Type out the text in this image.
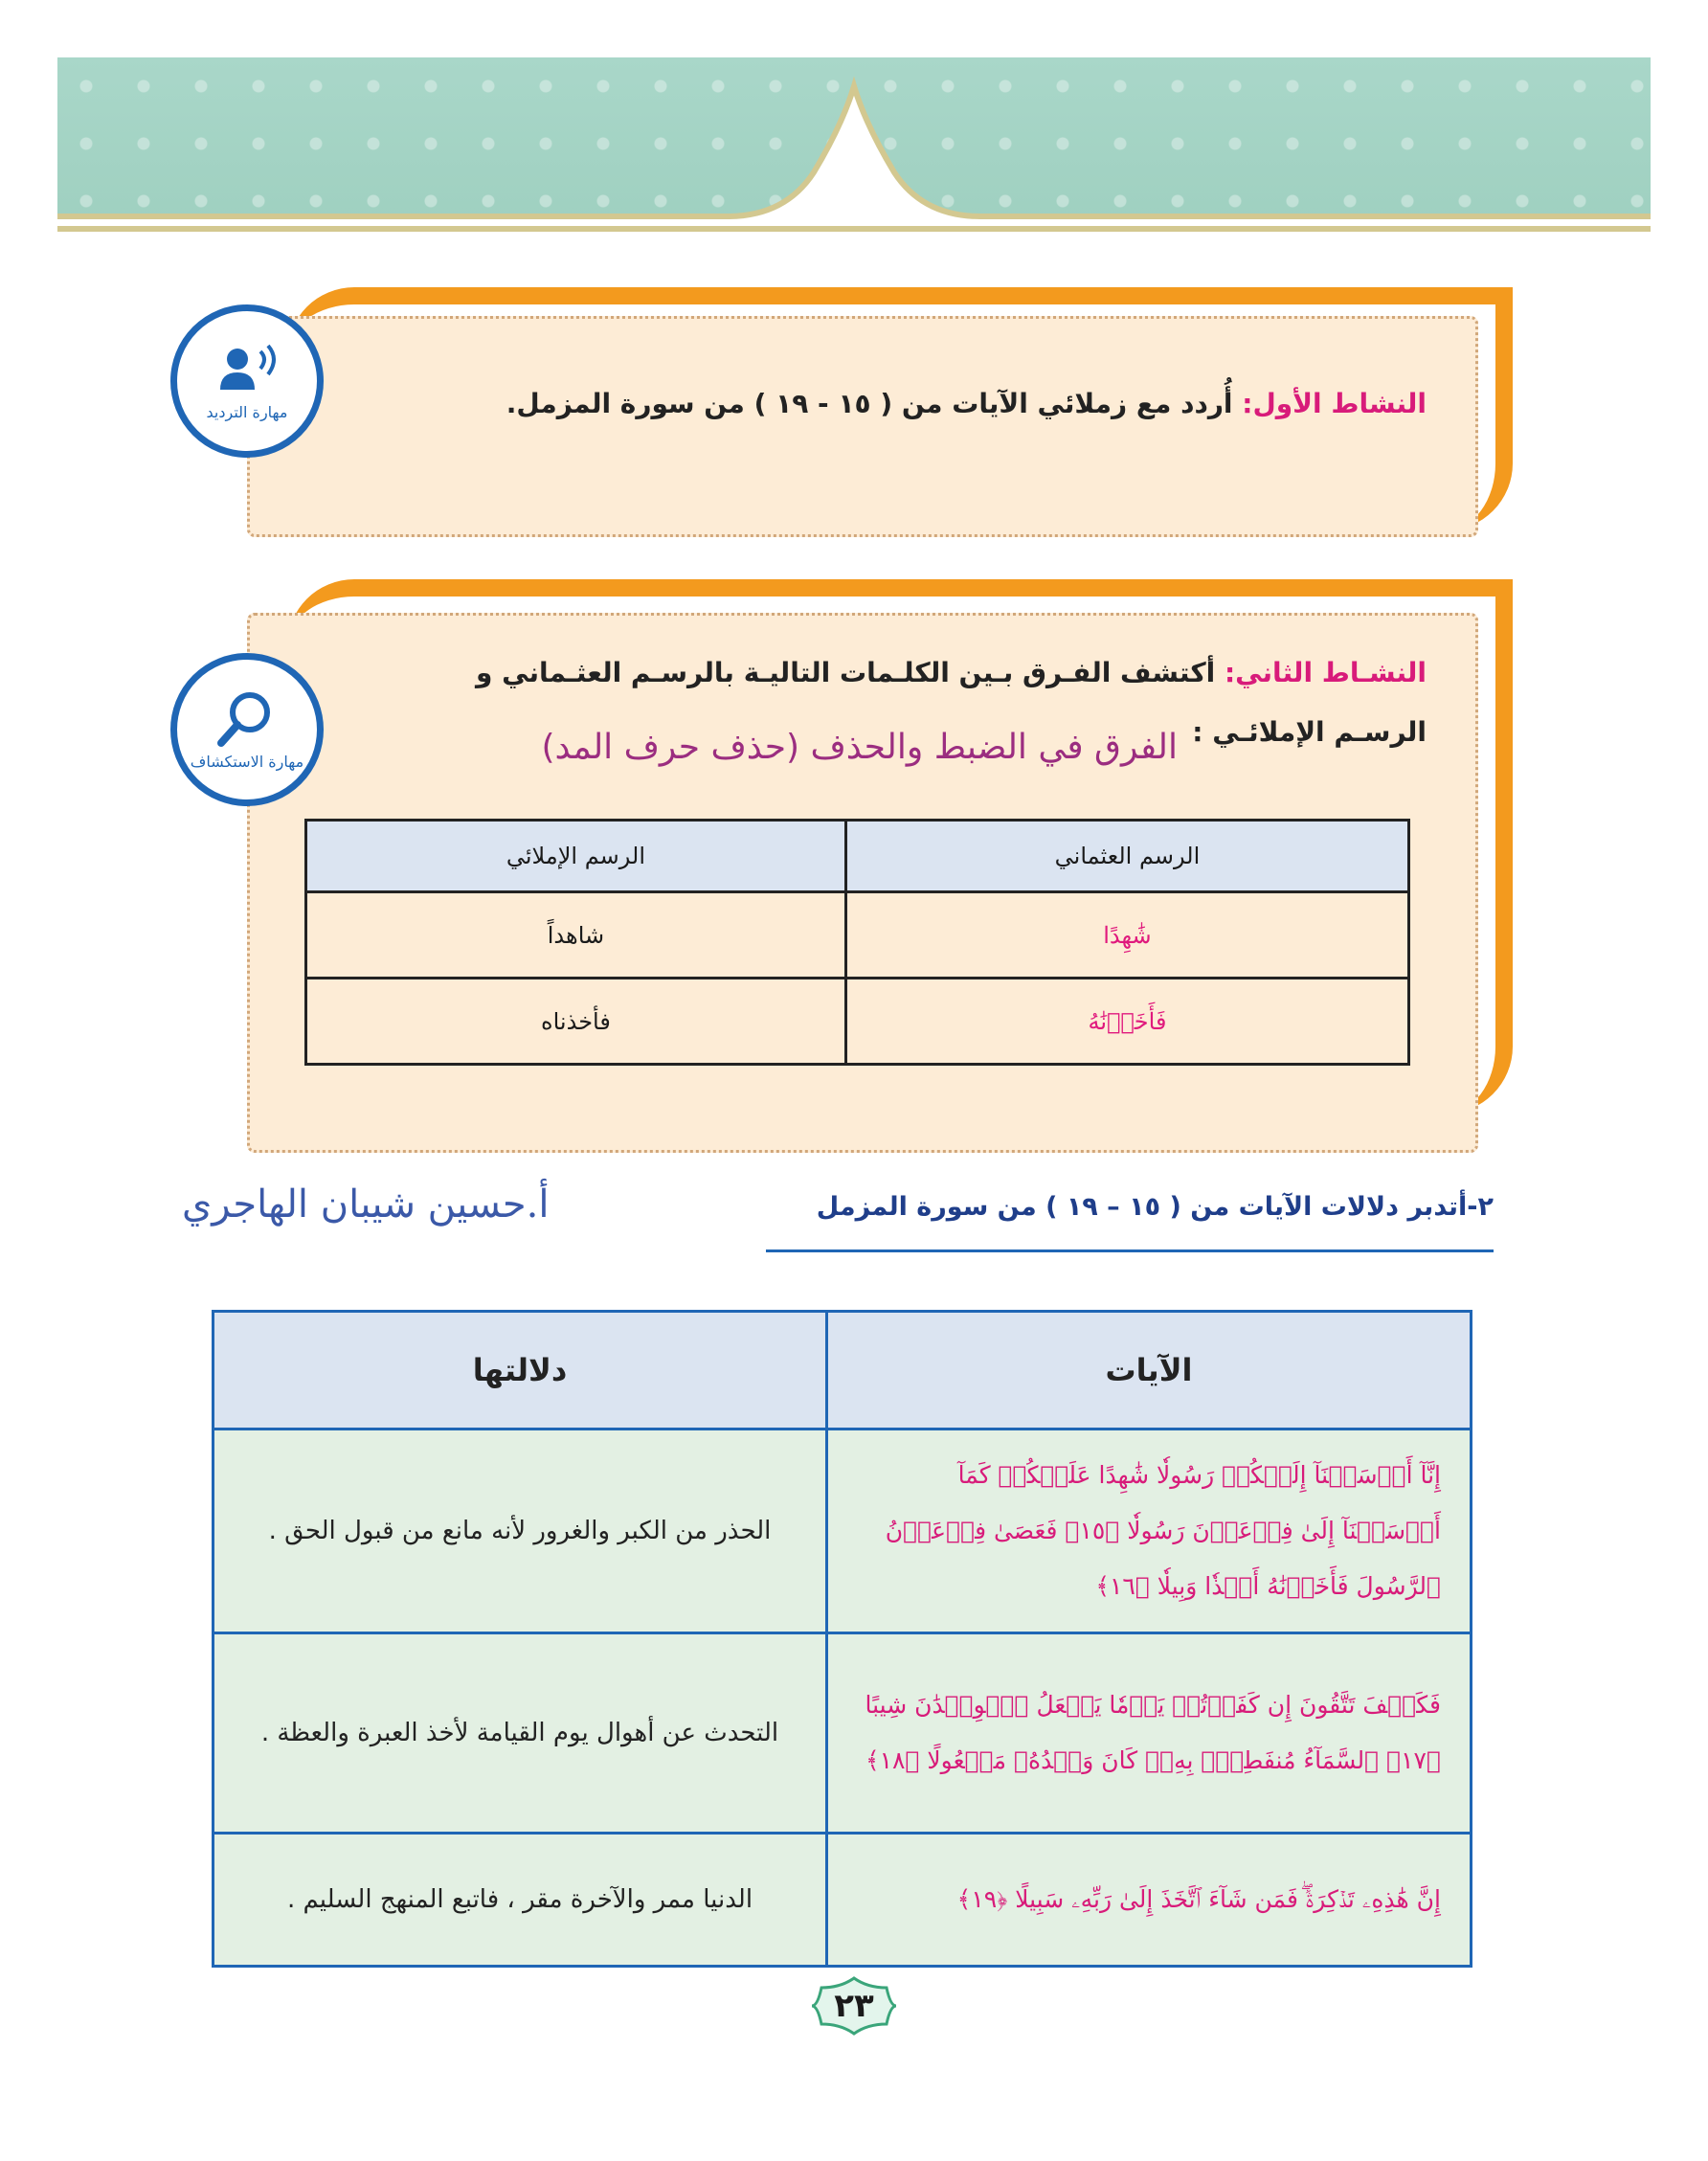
مهارة الترديد	النشاط الأول: أُردد مع زملائي الآيات من ( ١٥ - ١٩ ) من سورة المزمل.
مهارة الاستكشاف
النشـاط الثاني: أكتشف الفـرق بـين الكلـمات التاليـة بالرسـم العثـماني و الرسـم الإملائـي :
الفرق في الضبط والحذف (حذف حرف المد)
الرسم العثماني	الرسم الإملائي
شَٰهِدًا	شاهداً
فَأَخَذۡنَٰهُ	فأخذناه
٢-أتدبر دلالات الآيات من ( ١٥ – ١٩ ) من سورة المزمل
أ.حسين شيبان الهاجري
الآيات	دلالتها
إِنَّآ أَرۡسَلۡنَآ إِلَيۡكُمۡ رَسُولٗا شَٰهِدًا عَلَيۡكُمۡ كَمَآ أَرۡسَلۡنَآ إِلَىٰ فِرۡعَوۡنَ رَسُولٗا ﴿١٥﴾ فَعَصَىٰ فِرۡعَوۡنُ ٱلرَّسُولَ فَأَخَذۡنَٰهُ أَخۡذٗا وَبِيلٗا ﴿١٦﴾	الحذر من الكبر والغرور لأنه مانع من قبول الحق .
فَكَيۡفَ تَتَّقُونَ إِن كَفَرۡتُمۡ يَوۡمٗا يَجۡعَلُ ٱلۡوِلۡدَٰنَ شِيبًا ﴿١٧﴾ ٱلسَّمَآءُ مُنفَطِرُۢ بِهِۦۚ كَانَ وَعۡدُهُۥ مَفۡعُولًا ﴿١٨﴾	التحدث عن أهوال يوم القيامة لأخذ العبرة والعظة .
إِنَّ هَٰذِهِۦ تَذۡكِرَةٞۖ فَمَن شَآءَ ٱتَّخَذَ إِلَىٰ رَبِّهِۦ سَبِيلًا ﴿١٩﴾	الدنيا ممر والآخرة مقر ، فاتبع المنهج السليم .
٢٣
